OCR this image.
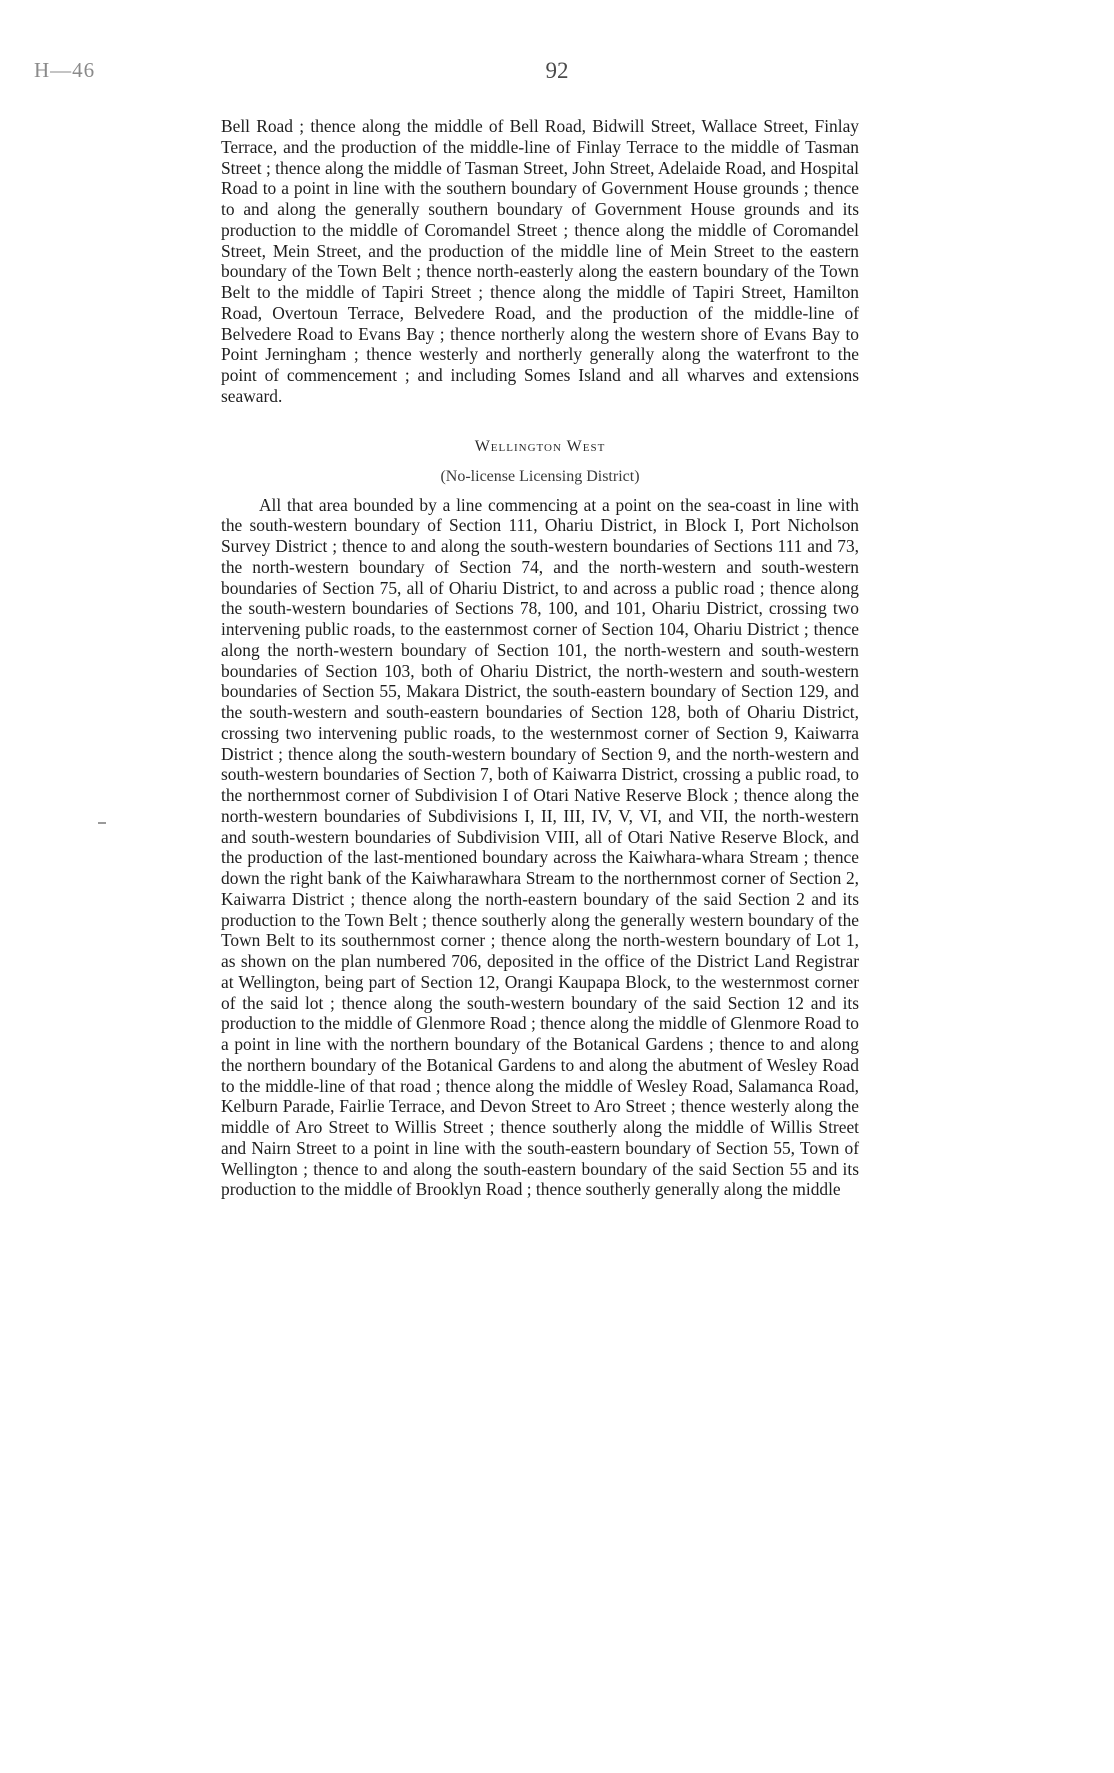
H—46	92

Bell Road ; thence along the middle of Bell Road, Bidwill Street, Wallace Street, Finlay Terrace, and the production of the middle-line of Finlay Terrace to the middle of Tasman Street ; thence along the middle of Tasman Street, John Street, Adelaide Road, and Hospital Road to a point in line with the southern boundary of Government House grounds ; thence to and along the generally southern boundary of Government House grounds and its production to the middle of Coromandel Street ; thence along the middle of Coromandel Street, Mein Street, and the production of the middle line of Mein Street to the eastern boundary of the Town Belt ; thence north-easterly along the eastern boundary of the Town Belt to the middle of Tapiri Street ; thence along the middle of Tapiri Street, Hamilton Road, Overtoun Terrace, Belvedere Road, and the production of the middle-line of Belvedere Road to Evans Bay ; thence northerly along the western shore of Evans Bay to Point Jerningham ; thence westerly and northerly generally along the waterfront to the point of commencement ; and including Somes Island and all wharves and extensions seaward.

Wellington West
(No-license Licensing District)

All that area bounded by a line commencing at a point on the sea-coast in line with the south-western boundary of Section 111, Ohariu District, in Block I, Port Nicholson Survey District ; thence to and along the south-western boundaries of Sections 111 and 73, the north-western boundary of Section 74, and the north-western and south-western boundaries of Section 75, all of Ohariu District, to and across a public road ; thence along the south-western boundaries of Sections 78, 100, and 101, Ohariu District, crossing two intervening public roads, to the easternmost corner of Section 104, Ohariu District ; thence along the north-western boundary of Section 101, the north-western and south-western boundaries of Section 103, both of Ohariu District, the north-western and south-western boundaries of Section 55, Makara District, the south-eastern boundary of Section 129, and the south-western and south-eastern boundaries of Section 128, both of Ohariu District, crossing two intervening public roads, to the westernmost corner of Section 9, Kaiwarra District ; thence along the south-western boundary of Section 9, and the north-western and south-western boundaries of Section 7, both of Kaiwarra District, crossing a public road, to the northernmost corner of Subdivision I of Otari Native Reserve Block ; thence along the north-western boundaries of Subdivisions I, II, III, IV, V, VI, and VII, the north-western and south-western boundaries of Subdivision VIII, all of Otari Native Reserve Block, and the production of the last-mentioned boundary across the Kaiwhara-whara Stream ; thence down the right bank of the Kaiwharawhara Stream to the northernmost corner of Section 2, Kaiwarra District ; thence along the north-eastern boundary of the said Section 2 and its production to the Town Belt ; thence southerly along the generally western boundary of the Town Belt to its southernmost corner ; thence along the north-western boundary of Lot 1, as shown on the plan numbered 706, deposited in the office of the District Land Registrar at Wellington, being part of Section 12, Orangi Kaupapa Block, to the westernmost corner of the said lot ; thence along the south-western boundary of the said Section 12 and its production to the middle of Glenmore Road ; thence along the middle of Glenmore Road to a point in line with the northern boundary of the Botanical Gardens ; thence to and along the northern boundary of the Botanical Gardens to and along the abutment of Wesley Road to the middle-line of that road ; thence along the middle of Wesley Road, Salamanca Road, Kelburn Parade, Fairlie Terrace, and Devon Street to Aro Street ; thence westerly along the middle of Aro Street to Willis Street ; thence southerly along the middle of Willis Street and Nairn Street to a point in line with the south-eastern boundary of Section 55, Town of Wellington ; thence to and along the south-eastern boundary of the said Section 55 and its production to the middle of Brooklyn Road ; thence southerly generally along the middle
